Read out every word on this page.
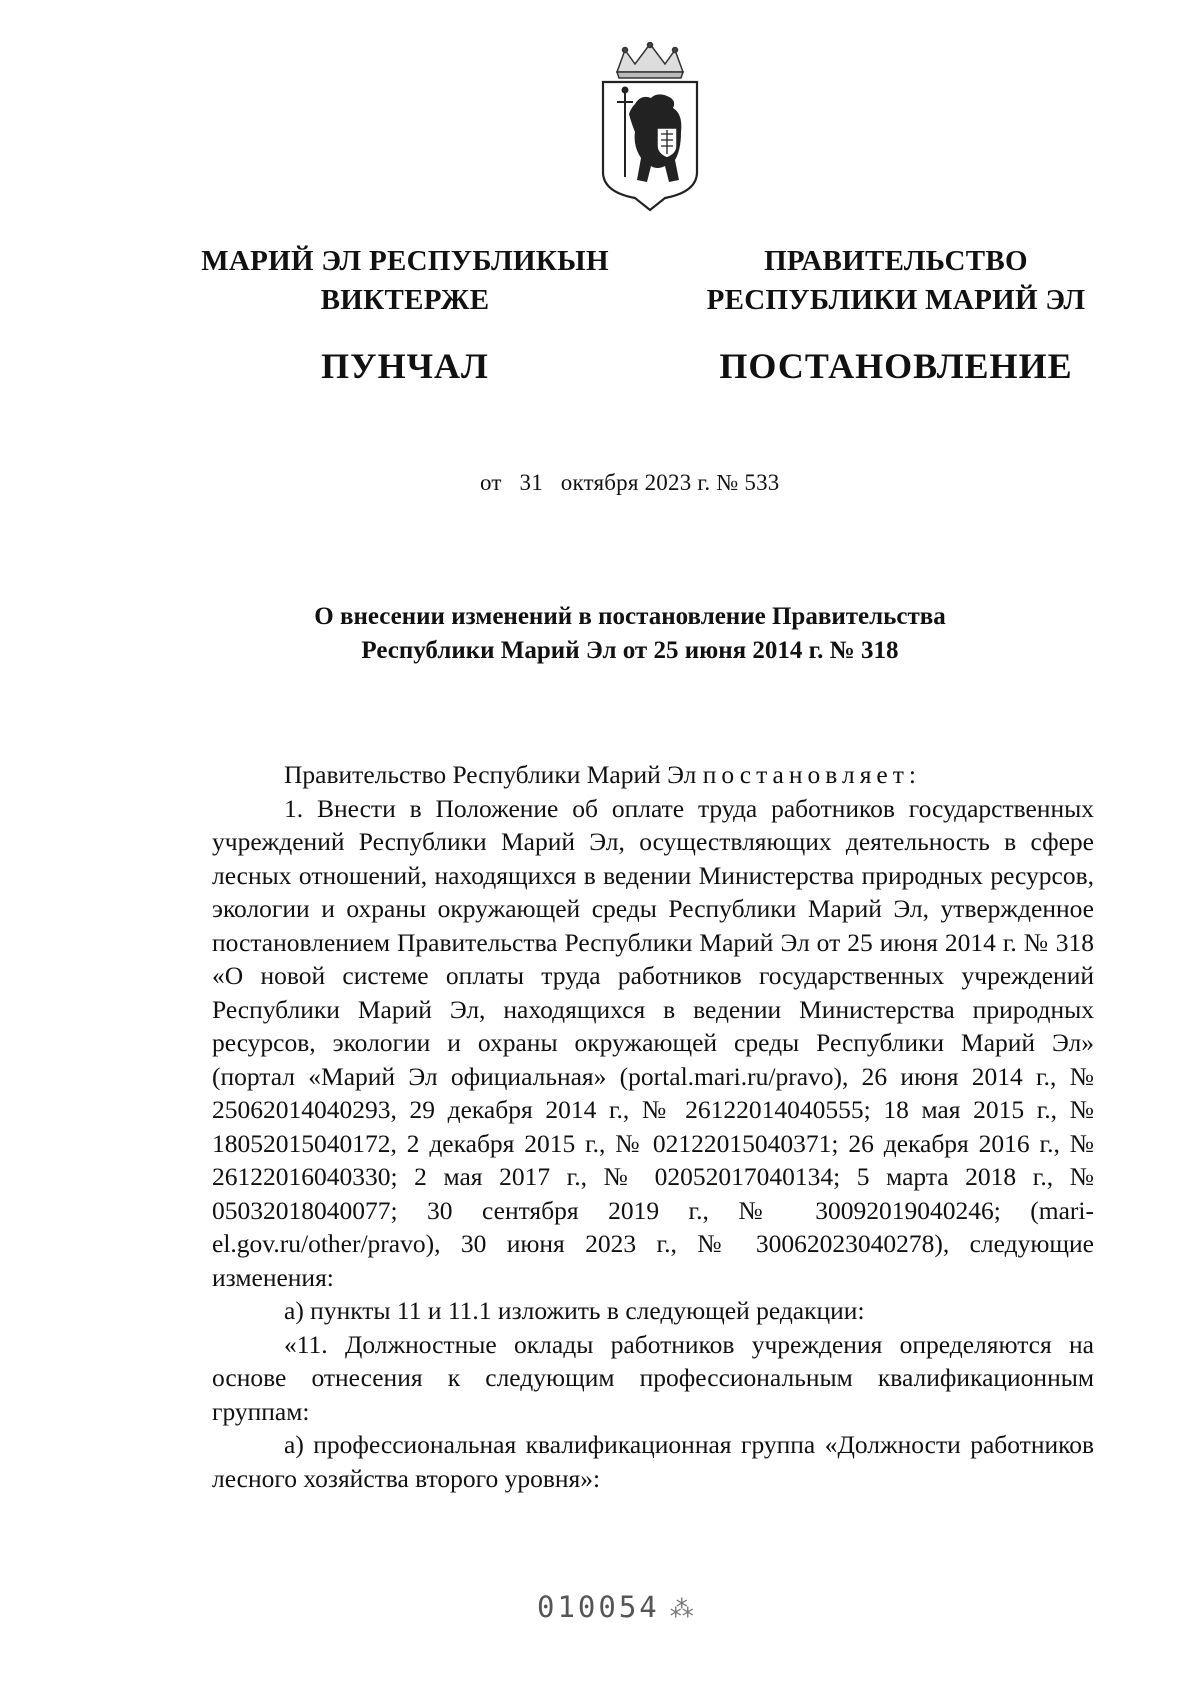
МАРИЙ ЭЛ РЕСПУБЛИКЫН
ВИКТЕРЖЕ
ПУНЧАЛ
ПРАВИТЕЛЬСТВО
РЕСПУБЛИКИ МАРИЙ ЭЛ
ПОСТАНОВЛЕНИЕ
от 31 октября 2023 г. № 533
О внесении изменений в постановление Правительства
Республики Марий Эл от 25 июня 2014 г. № 318

Правительство Республики Марий Эл постановляет:

1. Внести в Положение об оплате труда работников государственных учреждений Республики Марий Эл, осуществляющих деятельность в сфере лесных отношений, находящихся в ведении Министерства природных ресурсов, экологии и охраны окружающей среды Республики Марий Эл, утвержденное постановлением Правительства Республики Марий Эл от 25 июня 2014 г. № 318 «О новой системе оплаты труда работников государственных учреждений Республики Марий Эл, находящихся в ведении Министерства природных ресурсов, экологии и охраны окружающей среды Республики Марий Эл» (портал «Марий Эл официальная» (portal.mari.ru/pravo), 26 июня 2014 г., № 25062014040293, 29 декабря 2014 г., № 26122014040555; 18 мая 2015 г., № 18052015040172, 2 декабря 2015 г., № 02122015040371; 26 декабря 2016 г., № 26122016040330; 2 мая 2017 г., № 02052017040134; 5 марта 2018 г., № 05032018040077; 30 сентября 2019 г., № 30092019040246; (mari-el.gov.ru/other/pravo), 30 июня 2023 г., № 30062023040278), следующие изменения:

а) пункты 11 и 11.1 изложить в следующей редакции:

«11. Должностные оклады работников учреждения определяются на основе отнесения к следующим профессиональным квалификационным группам:

а) профессиональная квалификационная группа «Должности работников лесного хозяйства второго уровня»:

010054 ⁂
